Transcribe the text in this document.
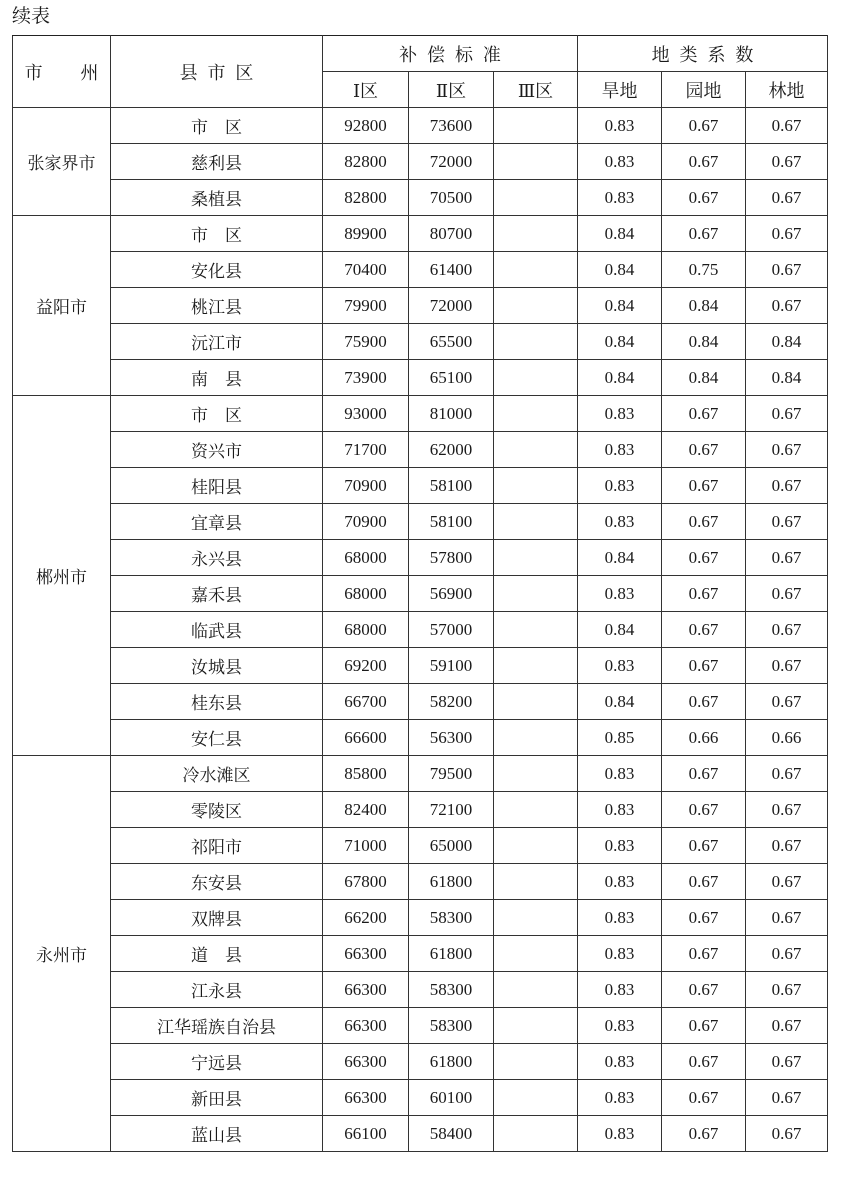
续表
市　州	县市区	补偿标准			地类系数		
		Ⅰ区	Ⅱ区	Ⅲ区	旱地	园地	林地
张家界市	市　区	92800	73600		0.83	0.67	0.67
	慈利县	82800	72000		0.83	0.67	0.67
	桑植县	82800	70500		0.83	0.67	0.67
益阳市	市　区	89900	80700		0.84	0.67	0.67
	安化县	70400	61400		0.84	0.75	0.67
	桃江县	79900	72000		0.84	0.84	0.67
	沅江市	75900	65500		0.84	0.84	0.84
	南　县	73900	65100		0.84	0.84	0.84
郴州市	市　区	93000	81000		0.83	0.67	0.67
	资兴市	71700	62000		0.83	0.67	0.67
	桂阳县	70900	58100		0.83	0.67	0.67
	宜章县	70900	58100		0.83	0.67	0.67
	永兴县	68000	57800		0.84	0.67	0.67
	嘉禾县	68000	56900		0.83	0.67	0.67
	临武县	68000	57000		0.84	0.67	0.67
	汝城县	69200	59100		0.83	0.67	0.67
	桂东县	66700	58200		0.84	0.67	0.67
	安仁县	66600	56300		0.85	0.66	0.66
永州市	冷水滩区	85800	79500		0.83	0.67	0.67
	零陵区	82400	72100		0.83	0.67	0.67
	祁阳市	71000	65000		0.83	0.67	0.67
	东安县	67800	61800		0.83	0.67	0.67
	双牌县	66200	58300		0.83	0.67	0.67
	道　县	66300	61800		0.83	0.67	0.67
	江永县	66300	58300		0.83	0.67	0.67
	江华瑶族自治县	66300	58300		0.83	0.67	0.67
	宁远县	66300	61800		0.83	0.67	0.67
	新田县	66300	60100		0.83	0.67	0.67
	蓝山县	66100	58400		0.83	0.67	0.67
